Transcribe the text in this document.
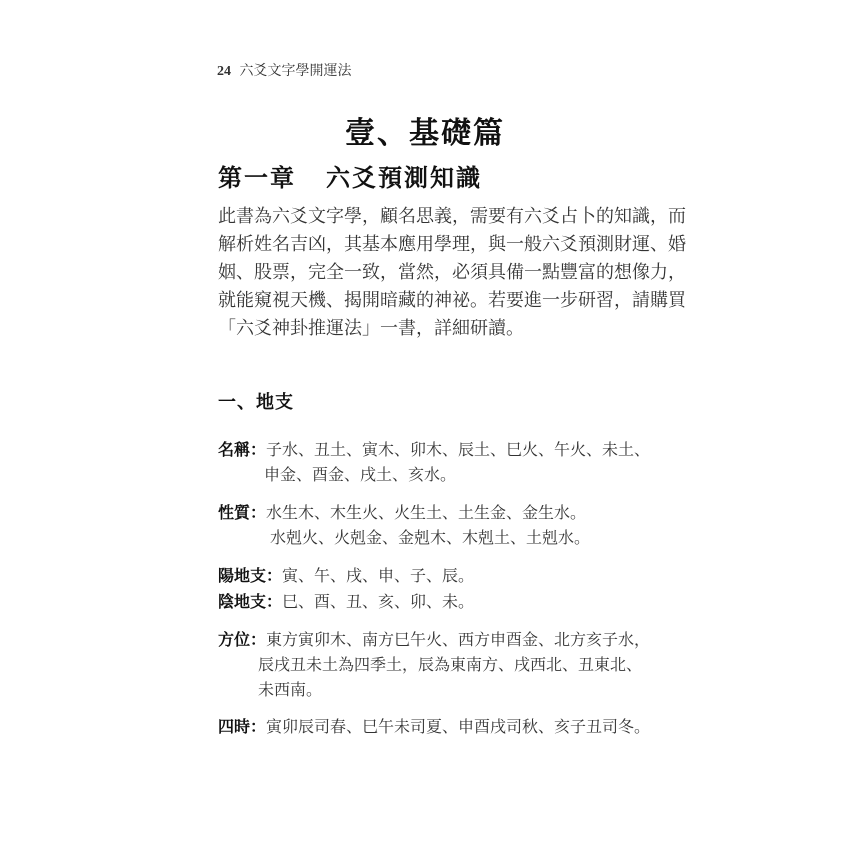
24 六爻文字學開運法
壹、基礎篇
第一章 六爻預測知識
此書為六爻文字學，顧名思義，需要有六爻占卜的知識，而
解析姓名吉凶，其基本應用學理，與一般六爻預測財運、婚
姻、股票，完全一致，當然，必須具備一點豐富的想像力，
就能窺視天機、揭開暗藏的神祕。若要進一步研習，請購買
「六爻神卦推運法」一書，詳細研讀。
一、地支
名稱：子水、丑土、寅木、卯木、辰土、巳火、午火、未土、
申金、酉金、戌土、亥水。
性質：水生木、木生火、火生土、土生金、金生水。
水剋火、火剋金、金剋木、木剋土、土剋水。
陽地支：寅、午、戌、申、子、辰。
陰地支：巳、酉、丑、亥、卯、未。
方位：東方寅卯木、南方巳午火、西方申酉金、北方亥子水，
辰戌丑未土為四季土，辰為東南方、戌西北、丑東北、
未西南。
四時：寅卯辰司春、巳午未司夏、申酉戌司秋、亥子丑司冬。
